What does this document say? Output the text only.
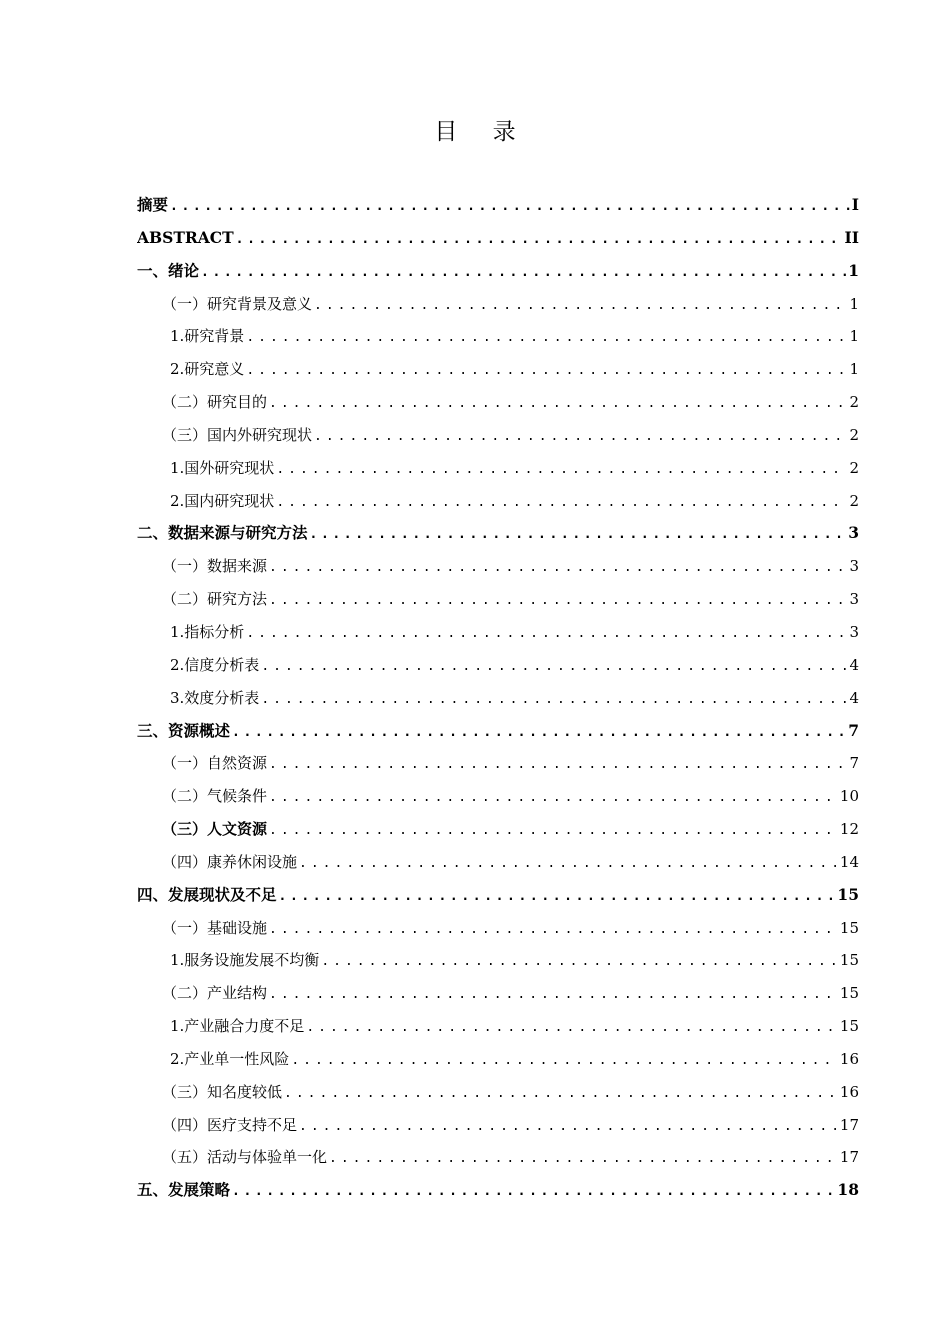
目 录
摘要 .....	I
ABSTRACT .....	II
一、绪论 .....	1
（一）研究背景及意义 .....	1
1.研究背景 .....	1
2.研究意义 .....	1
（二）研究目的 .....	2
（三）国内外研究现状 .....	2
1.国外研究现状 .....	2
2.国内研究现状 .....	2
二、数据来源与研究方法 .....	3
（一）数据来源 .....	3
（二）研究方法 .....	3
1.指标分析 .....	3
2.信度分析表 .....	4
3.效度分析表 .....	4
三、资源概述 .....	7
（一）自然资源 .....	7
（二）气候条件 .....	10
（三）人文资源 .....	12
（四）康养休闲设施 .....	14
四、发展现状及不足 .....	15
（一）基础设施 .....	15
1.服务设施发展不均衡 .....	15
（二）产业结构 .....	15
1.产业融合力度不足 .....	15
2.产业单一性风险 .....	16
（三）知名度较低 .....	16
（四）医疗支持不足 .....	17
（五）活动与体验单一化 .....	17
五、发展策略 .....	18
